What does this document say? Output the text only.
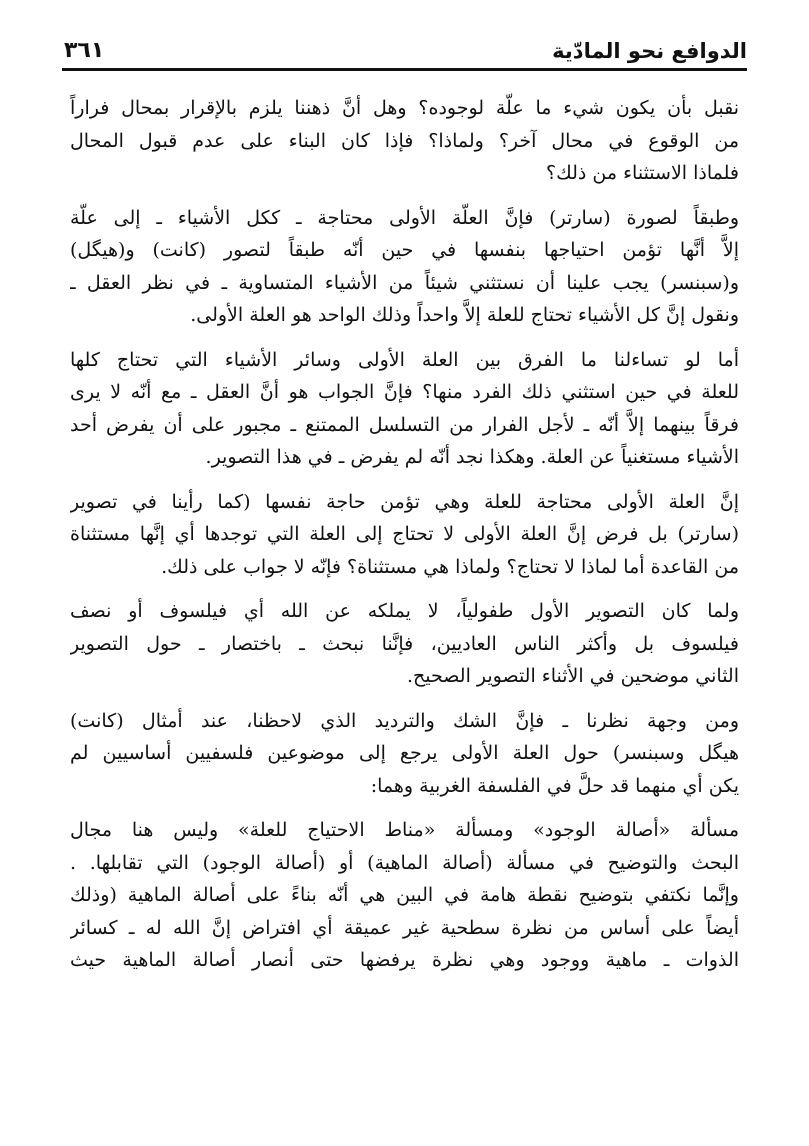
الدوافع نحو المادّية
٣٦١

نقبل بأن يكون شيء ما علّة لوجوده؟ وهل أنَّ ذهننا يلزم بالإقرار بمحال فراراً
من الوقوع في محال آخر؟ ولماذا؟ فإذا كان البناء على عدم قبول المحال
فلماذا الاستثناء من ذلك؟

وطبقاً لصورة (سارتر) فإنَّ العلّة الأولى محتاجة ـ ككل الأشياء ـ إلى علّة
إلاَّ أنَّها تؤمن احتياجها بنفسها في حين أنّه طبقاً لتصور (كانت) و(هيگل)
و(سبنسر) يجب علينا أن نستثني شيئاً من الأشياء المتساوية ـ في نظر العقل ـ
ونقول إنَّ كل الأشياء تحتاج للعلة إلاَّ واحداً وذلك الواحد هو العلة الأولى.

أما لو تساءلنا ما الفرق بين العلة الأولى وسائر الأشياء التي تحتاج كلها
للعلة في حين استثني ذلك الفرد منها؟ فإنَّ الجواب هو أنَّ العقل ـ مع أنّه لا يرى
فرقاً بينهما إلاَّ أنّه ـ لأجل الفرار من التسلسل الممتنع ـ مجبور على أن يفرض أحد
الأشياء مستغنياً عن العلة. وهكذا نجد أنّه لم يفرض ـ في هذا التصوير.

إنَّ العلة الأولى محتاجة للعلة وهي تؤمن حاجة نفسها (كما رأينا في تصوير
(سارتر) بل فرض إنَّ العلة الأولى لا تحتاج إلى العلة التي توجدها أي إنَّها مستثناة
من القاعدة أما لماذا لا تحتاج؟ ولماذا هي مستثناة؟ فإنّه لا جواب على ذلك.

ولما كان التصوير الأول طفولياً، لا يملكه عن الله أي فيلسوف أو نصف
فيلسوف بل وأكثر الناس العاديين، فإنَّنا نبحث ـ باختصار ـ حول التصوير
الثاني موضحين في الأثناء التصوير الصحيح.

ومن وجهة نظرنا ـ فإنَّ الشك والترديد الذي لاحظنا، عند أمثال (كانت)
هيگل وسبنسر) حول العلة الأولى يرجع إلى موضوعين فلسفيين أساسيين لم
يكن أي منهما قد حلَّ في الفلسفة الغربية وهما:

مسألة «أصالة الوجود» ومسألة «مناط الاحتياج للعلة» وليس هنا مجال
البحث والتوضيح في مسألة (أصالة الماهية) أو (أصالة الوجود) التي تقابلها. .
وإنَّما نكتفي بتوضيح نقطة هامة في البين هي أنّه بناءً على أصالة الماهية (وذلك
أيضاً على أساس من نظرة سطحية غير عميقة أي افتراض إنَّ الله له ـ كسائر
الذوات ـ ماهية ووجود وهي نظرة يرفضها حتى أنصار أصالة الماهية حيث
